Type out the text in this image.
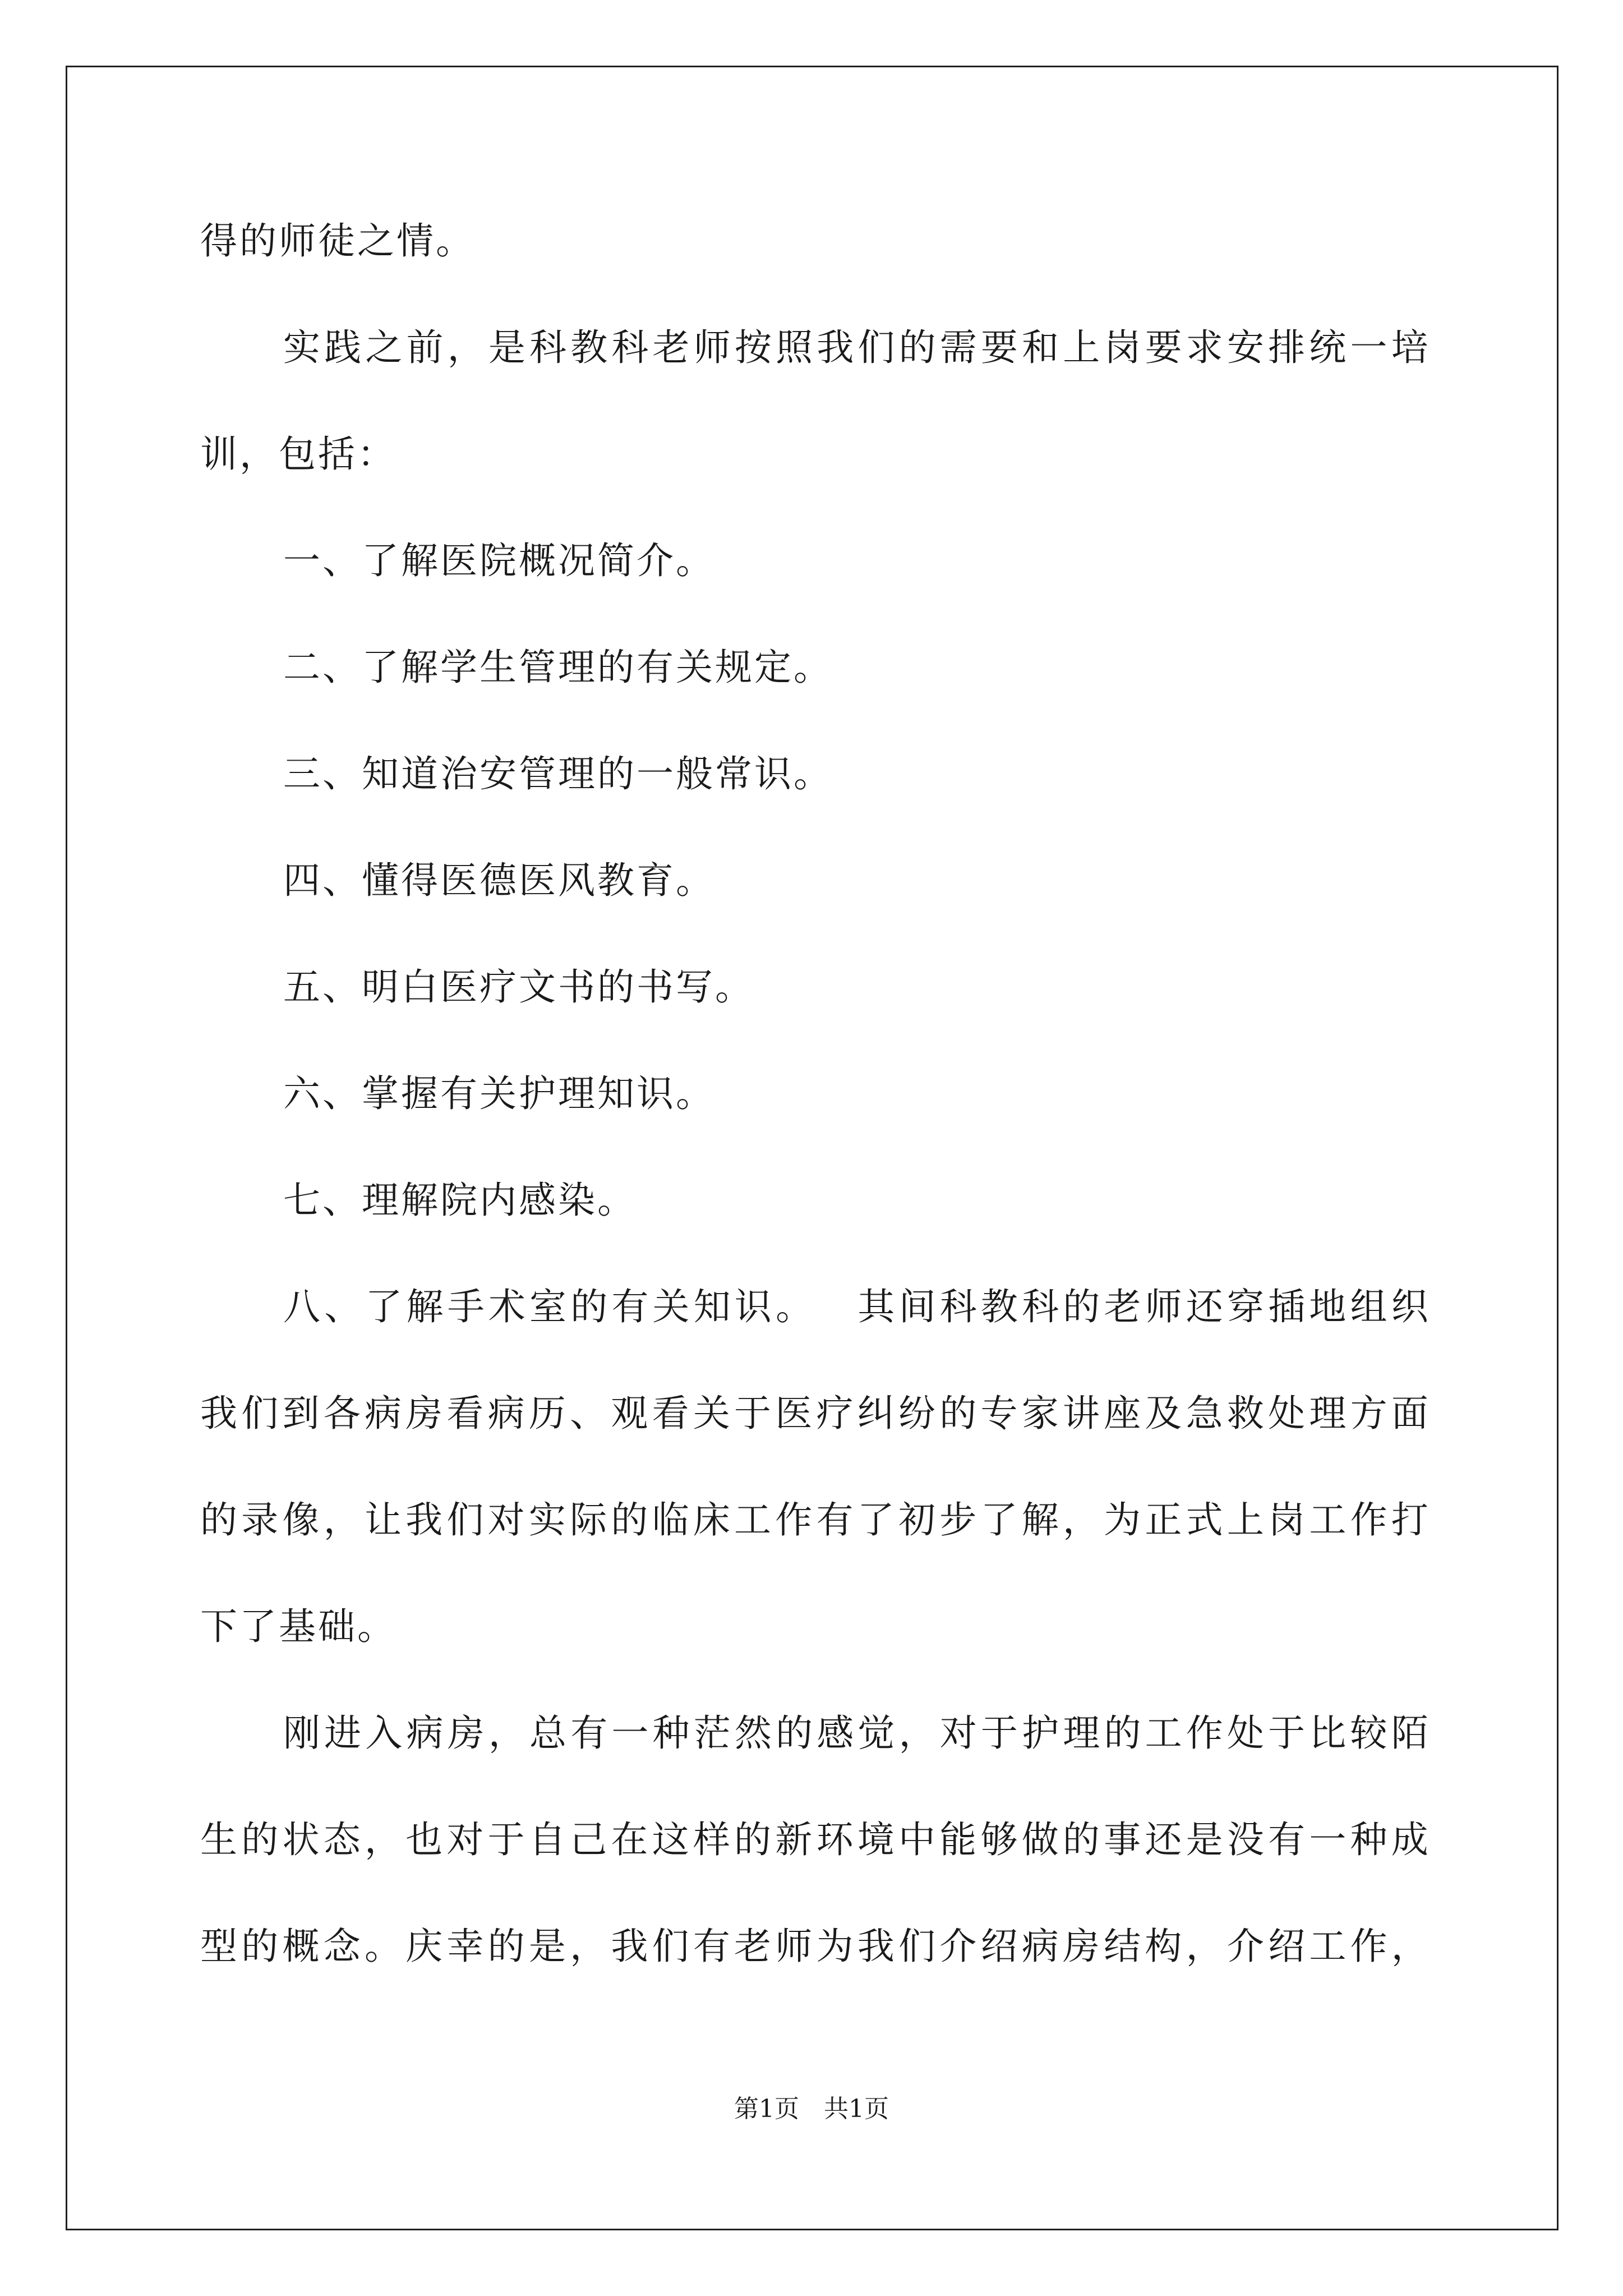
得的师徒之情。
实 践 之 前 ， 是 科 教 科 老 师 按 照 我 们 的 需 要 和 上 岗 要 求 安 排 统 一 培
训，包括：
一、了解医院概况简介。
二、了解学生管理的有关规定。
三、知道治安管理的一般常识。
四、懂得医德医风教育。
五、明白医疗文书的书写。
六、掌握有关护理知识。
七、理解院内感染。
八 、 了 解 手 术 室 的 有 关 知 识 。
　 其 间 科 教 科 的 老 师 还 穿 插 地 组 织
我 们 到 各 病 房 看 病 历 、 观 看 关 于 医 疗 纠 纷 的 专 家 讲 座 及 急 救 处 理 方 面
的 录 像 ， 让 我 们 对 实 际 的 临 床 工 作 有 了 初 步 了 解 ， 为 正 式 上 岗 工 作 打
下了基础。
刚 进 入 病 房 ， 总 有 一 种 茫 然 的 感 觉 ， 对 于 护 理 的 工 作 处 于 比 较 陌
生 的 状 态 ， 也 对 于 自 己 在 这 样 的 新 环 境 中 能 够 做 的 事 还 是 没 有 一 种 成
型 的 概 念 。 庆 幸 的 是 ， 我 们 有 老 师 为 我 们 介 绍 病 房 结 构 ， 介 绍 工 作 ，
第1页　共1页
